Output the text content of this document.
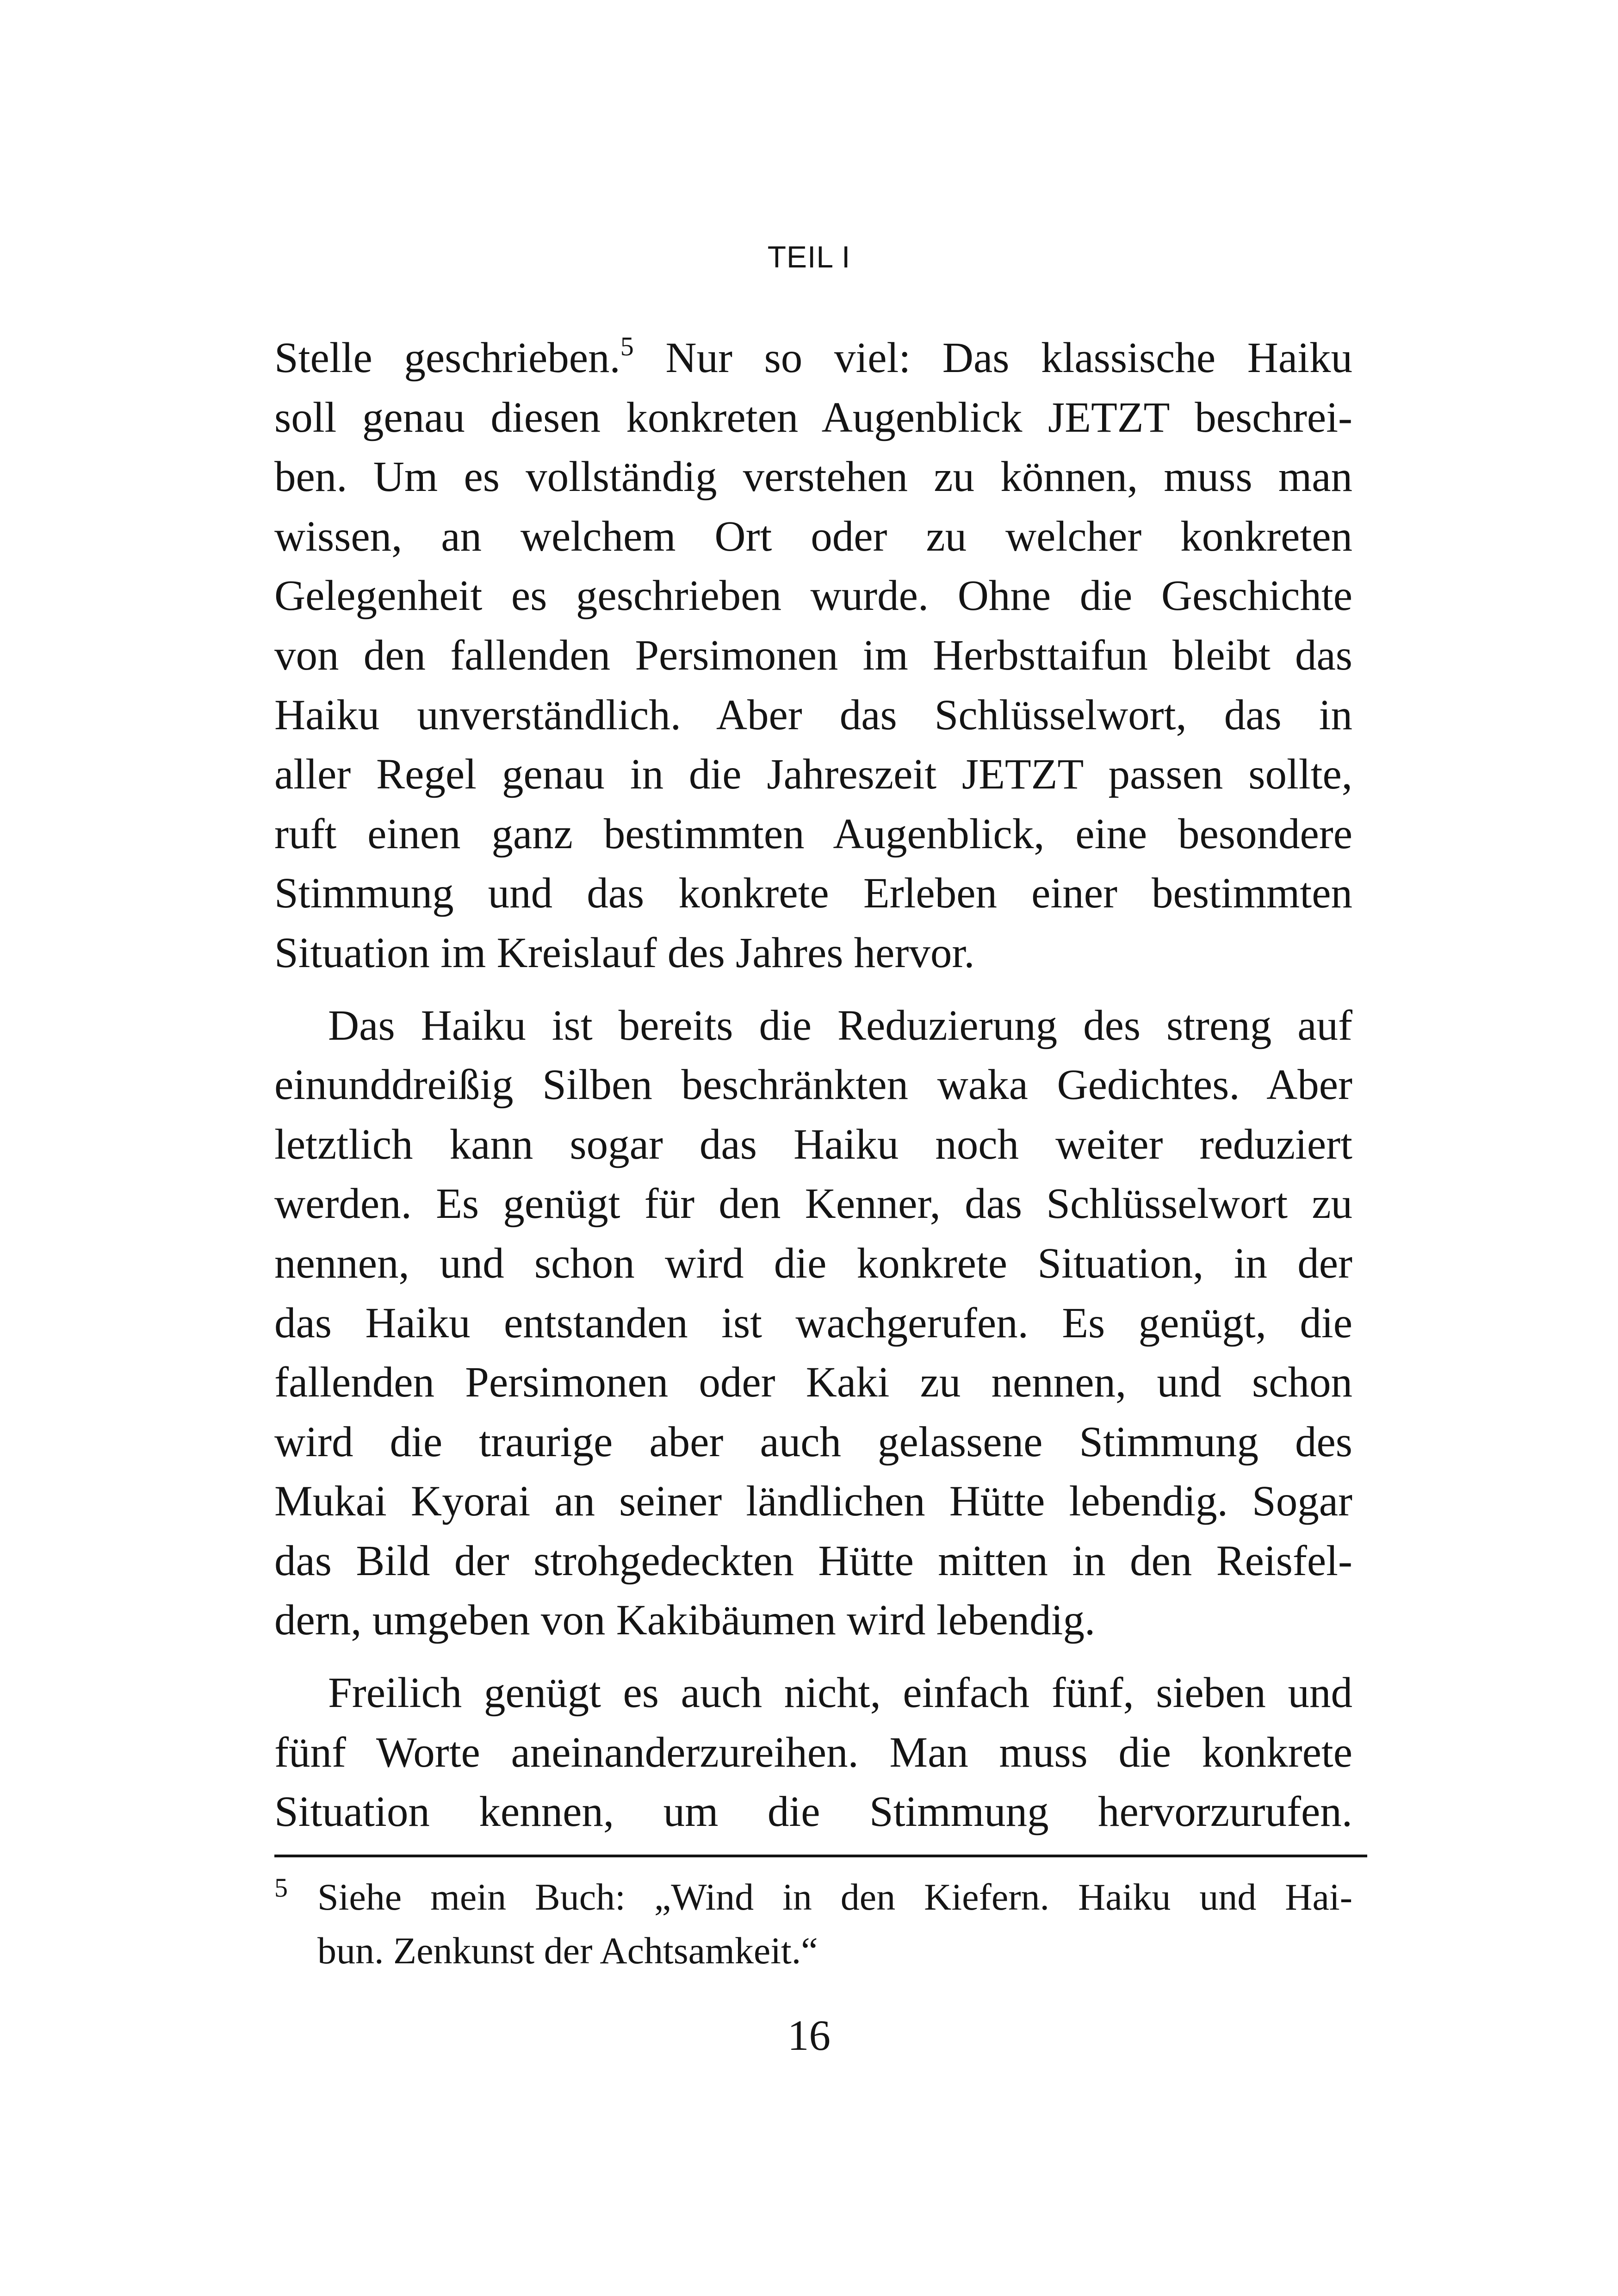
TEIL I
Stelle geschrieben.$^5$ Nur so viel: Das klassische Haiku
soll genau diesen konkreten Augenblick JETZT beschrei-
ben. Um es vollständig verstehen zu können, muss man
wissen, an welchem Ort oder zu welcher konkreten
Gelegenheit es geschrieben wurde. Ohne die Geschichte
von den fallenden Persimonen im Herbsttaifun bleibt das
Haiku unverständlich. Aber das Schlüsselwort, das in
aller Regel genau in die Jahreszeit JETZT passen sollte,
ruft einen ganz bestimmten Augenblick, eine besondere
Stimmung und das konkrete Erleben einer bestimmten
Situation im Kreislauf des Jahres hervor.
Das Haiku ist bereits die Reduzierung des streng auf
einunddreißig Silben beschränkten waka Gedichtes. Aber
letztlich kann sogar das Haiku noch weiter reduziert
werden. Es genügt für den Kenner, das Schlüsselwort zu
nennen, und schon wird die konkrete Situation, in der
das Haiku entstanden ist wachgerufen. Es genügt, die
fallenden Persimonen oder Kaki zu nennen, und schon
wird die traurige aber auch gelassene Stimmung des
Mukai Kyorai an seiner ländlichen Hütte lebendig. Sogar
das Bild der strohgedeckten Hütte mitten in den Reisfel-
dern, umgeben von Kakibäumen wird lebendig.
Freilich genügt es auch nicht, einfach fünf, sieben und
fünf Worte aneinanderzureihen. Man muss die konkrete
Situation kennen, um die Stimmung hervorzurufen.
5 Siehe mein Buch: „Wind in den Kiefern. Haiku und Hai-
bun. Zenkunst der Achtsamkeit.“
16
